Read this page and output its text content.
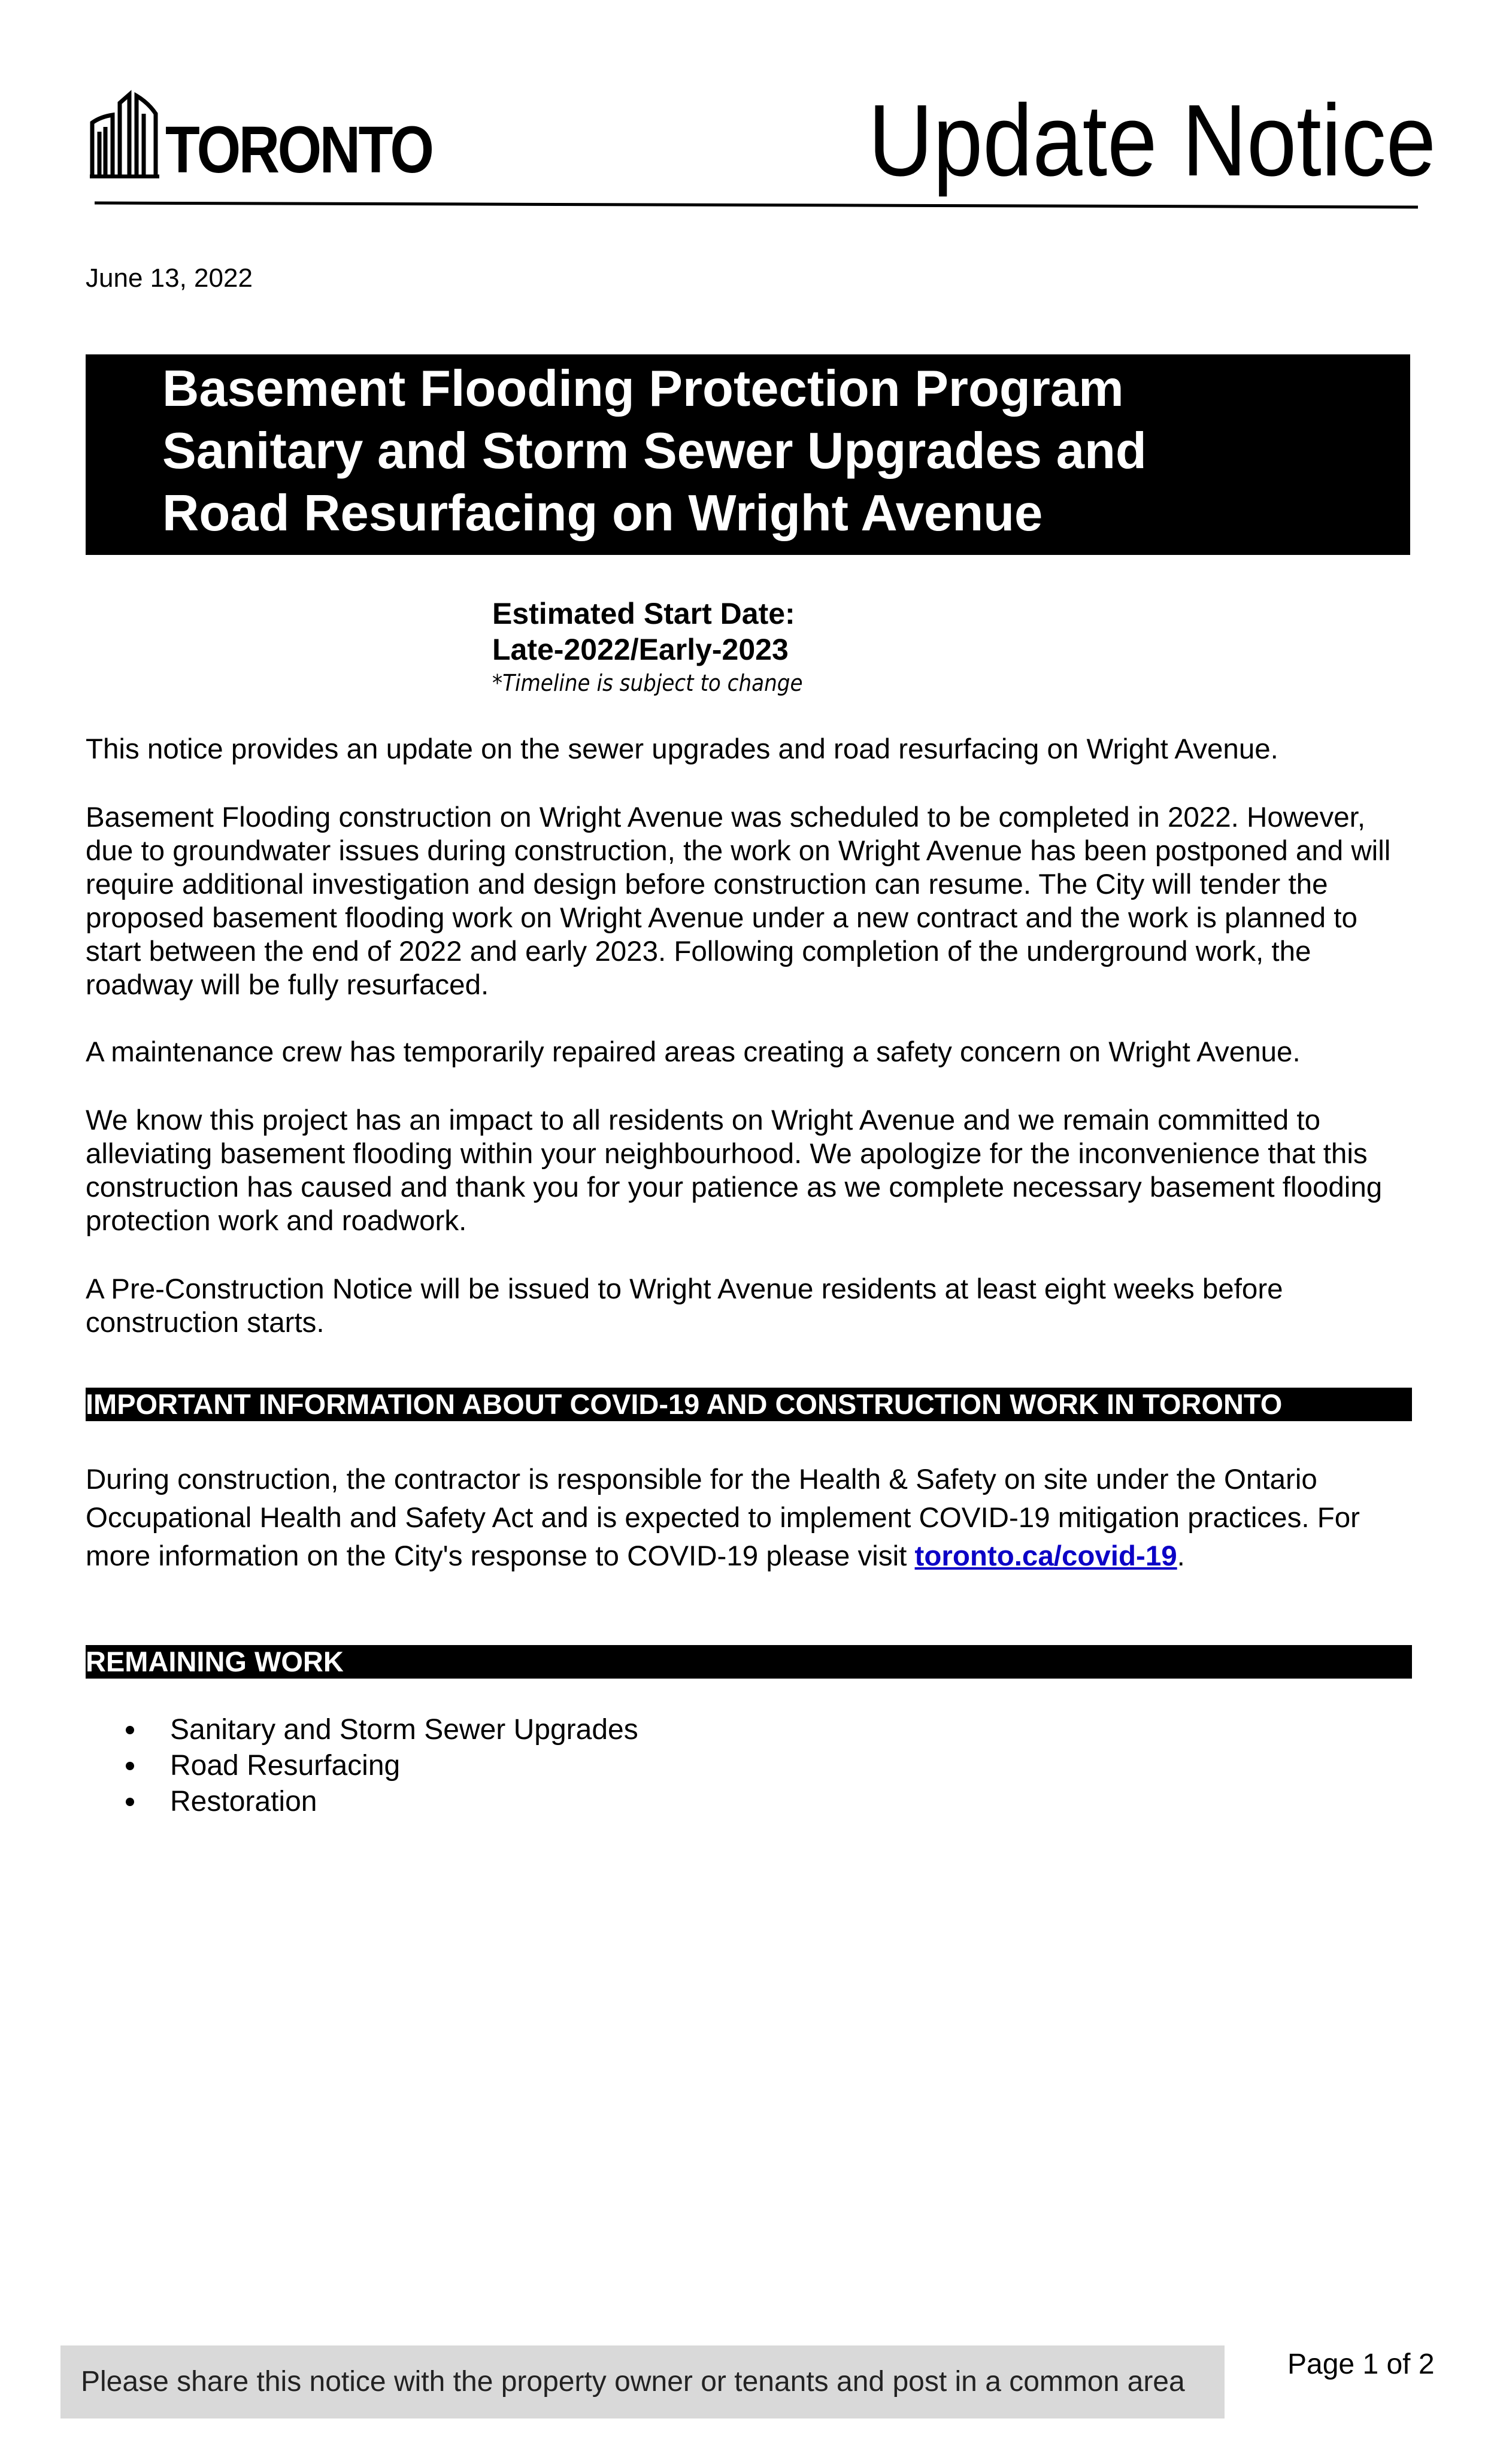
TORONTO	Update Notice
June 13, 2022
Basement Flooding Protection Program
Sanitary and Storm Sewer Upgrades and
Road Resurfacing on Wright Avenue
Estimated Start Date:
Late-2022/Early-2023
*Timeline is subject to change

This notice provides an update on the sewer upgrades and road resurfacing on Wright Avenue.

Basement Flooding construction on Wright Avenue was scheduled to be completed in 2022. However, due to groundwater issues during construction, the work on Wright Avenue has been postponed and will require additional investigation and design before construction can resume. The City will tender the proposed basement flooding work on Wright Avenue under a new contract and the work is planned to start between the end of 2022 and early 2023. Following completion of the underground work, the roadway will be fully resurfaced.

A maintenance crew has temporarily repaired areas creating a safety concern on Wright Avenue.

We know this project has an impact to all residents on Wright Avenue and we remain committed to alleviating basement flooding within your neighbourhood. We apologize for the inconvenience that this construction has caused and thank you for your patience as we complete necessary basement flooding protection work and roadwork.

A Pre-Construction Notice will be issued to Wright Avenue residents at least eight weeks before construction starts.

IMPORTANT INFORMATION ABOUT COVID-19 AND CONSTRUCTION WORK IN TORONTO

During construction, the contractor is responsible for the Health & Safety on site under the Ontario Occupational Health and Safety Act and is expected to implement COVID-19 mitigation practices. For more information on the City's response to COVID-19 please visit toronto.ca/covid-19.

REMAINING WORK
Sanitary and Storm Sewer Upgrades
Road Resurfacing
Restoration
Please share this notice with the property owner or tenants and post in a common area
Page 1 of 2
